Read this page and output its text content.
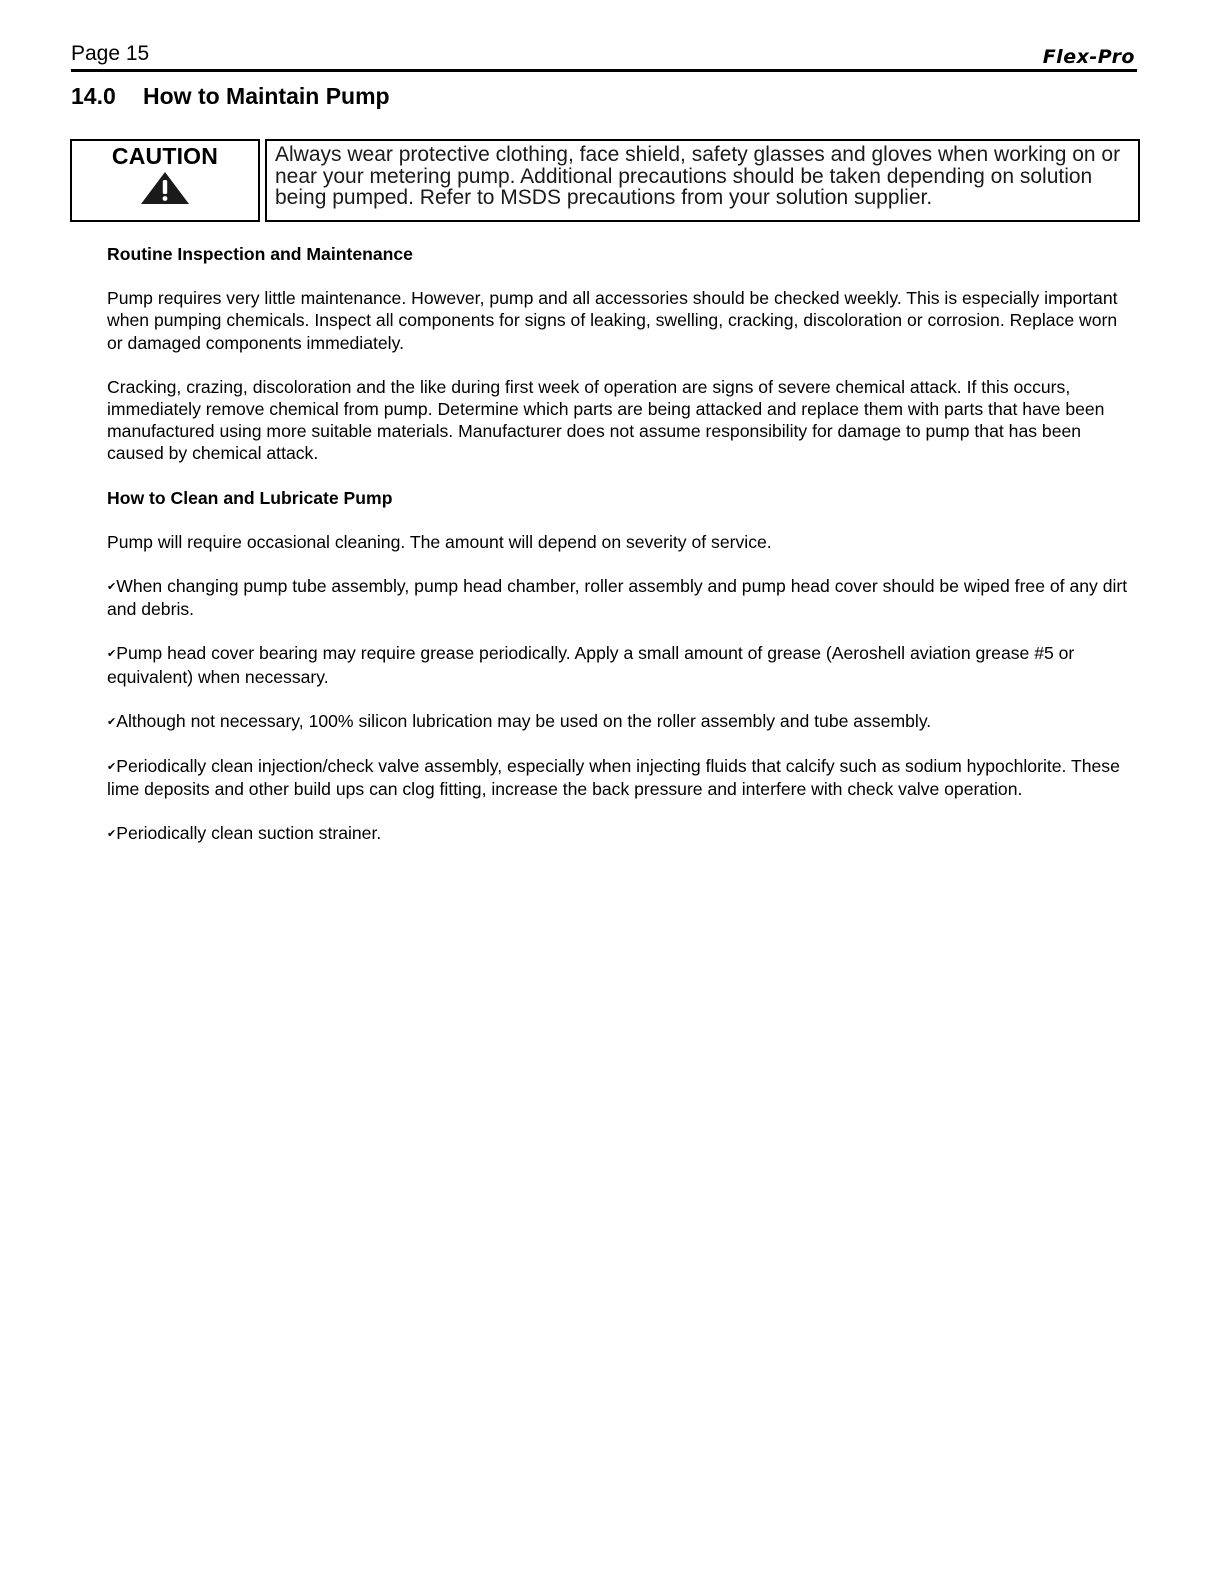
Page 15	Flex-Pro
14.0 How to Maintain Pump
CAUTION	Always wear protective clothing, face shield, safety glasses and gloves when working on or near your metering pump. Additional precautions should be taken depending on solution being pumped. Refer to MSDS precautions from your solution supplier.
Routine Inspection and Maintenance

Pump requires very little maintenance. However, pump and all accessories should be checked weekly. This is especially important when pumping chemicals. Inspect all components for signs of leaking, swelling, cracking, discoloration or corrosion. Replace worn or damaged components immediately.

Cracking, crazing, discoloration and the like during first week of operation are signs of severe chemical attack. If this occurs, immediately remove chemical from pump. Determine which parts are being attacked and replace them with parts that have been manufactured using more suitable materials. Manufacturer does not assume responsibility for damage to pump that has been caused by chemical attack.

How to Clean and Lubricate Pump

Pump will require occasional cleaning. The amount will depend on severity of service.

✔When changing pump tube assembly, pump head chamber, roller assembly and pump head cover should be wiped free of any dirt and debris.

✔Pump head cover bearing may require grease periodically. Apply a small amount of grease (Aeroshell aviation grease #5 or equivalent) when necessary.

✔Although not necessary, 100% silicon lubrication may be used on the roller assembly and tube assembly.

✔Periodically clean injection/check valve assembly, especially when injecting fluids that calcify such as sodium hypochlorite. These lime deposits and other build ups can clog fitting, increase the back pressure and interfere with check valve operation.

✔Periodically clean suction strainer.
